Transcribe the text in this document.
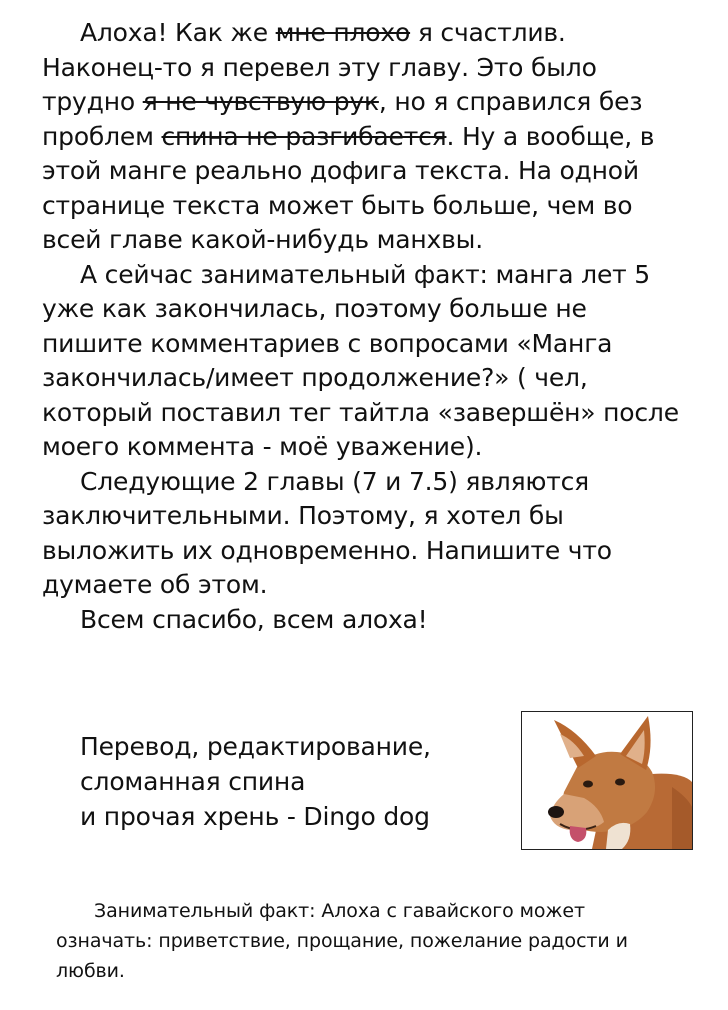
Алоха! Как же мне плохо я счастлив. Наконец-то я перевел эту главу. Это было трудно я не чувствую рук, но я справился без проблем спина не разгибается. Ну а вообще, в этой манге реально дофига текста. На одной странице текста может быть больше, чем во всей главе какой-нибудь манхвы.

А сейчас занимательный факт: манга лет 5 уже как закончилась, поэтому больше не пишите комментариев с вопросами «Манга закончилась/имеет продолжение?» ( чел, который поставил тег тайтла «завершён» после моего коммента - моё уважение).

Следующие 2 главы (7 и 7.5) являются заключительными. Поэтому, я хотел бы выложить их одновременно. Напишите что думаете об этом.

Всем спасибо, всем алоха!

Перевод, редактирование,
сломанная спина
и прочая хрень - Dingo dog

Занимательный факт: Алоха с гавайского может означать: приветствие, прощание, пожелание радости и любви.
